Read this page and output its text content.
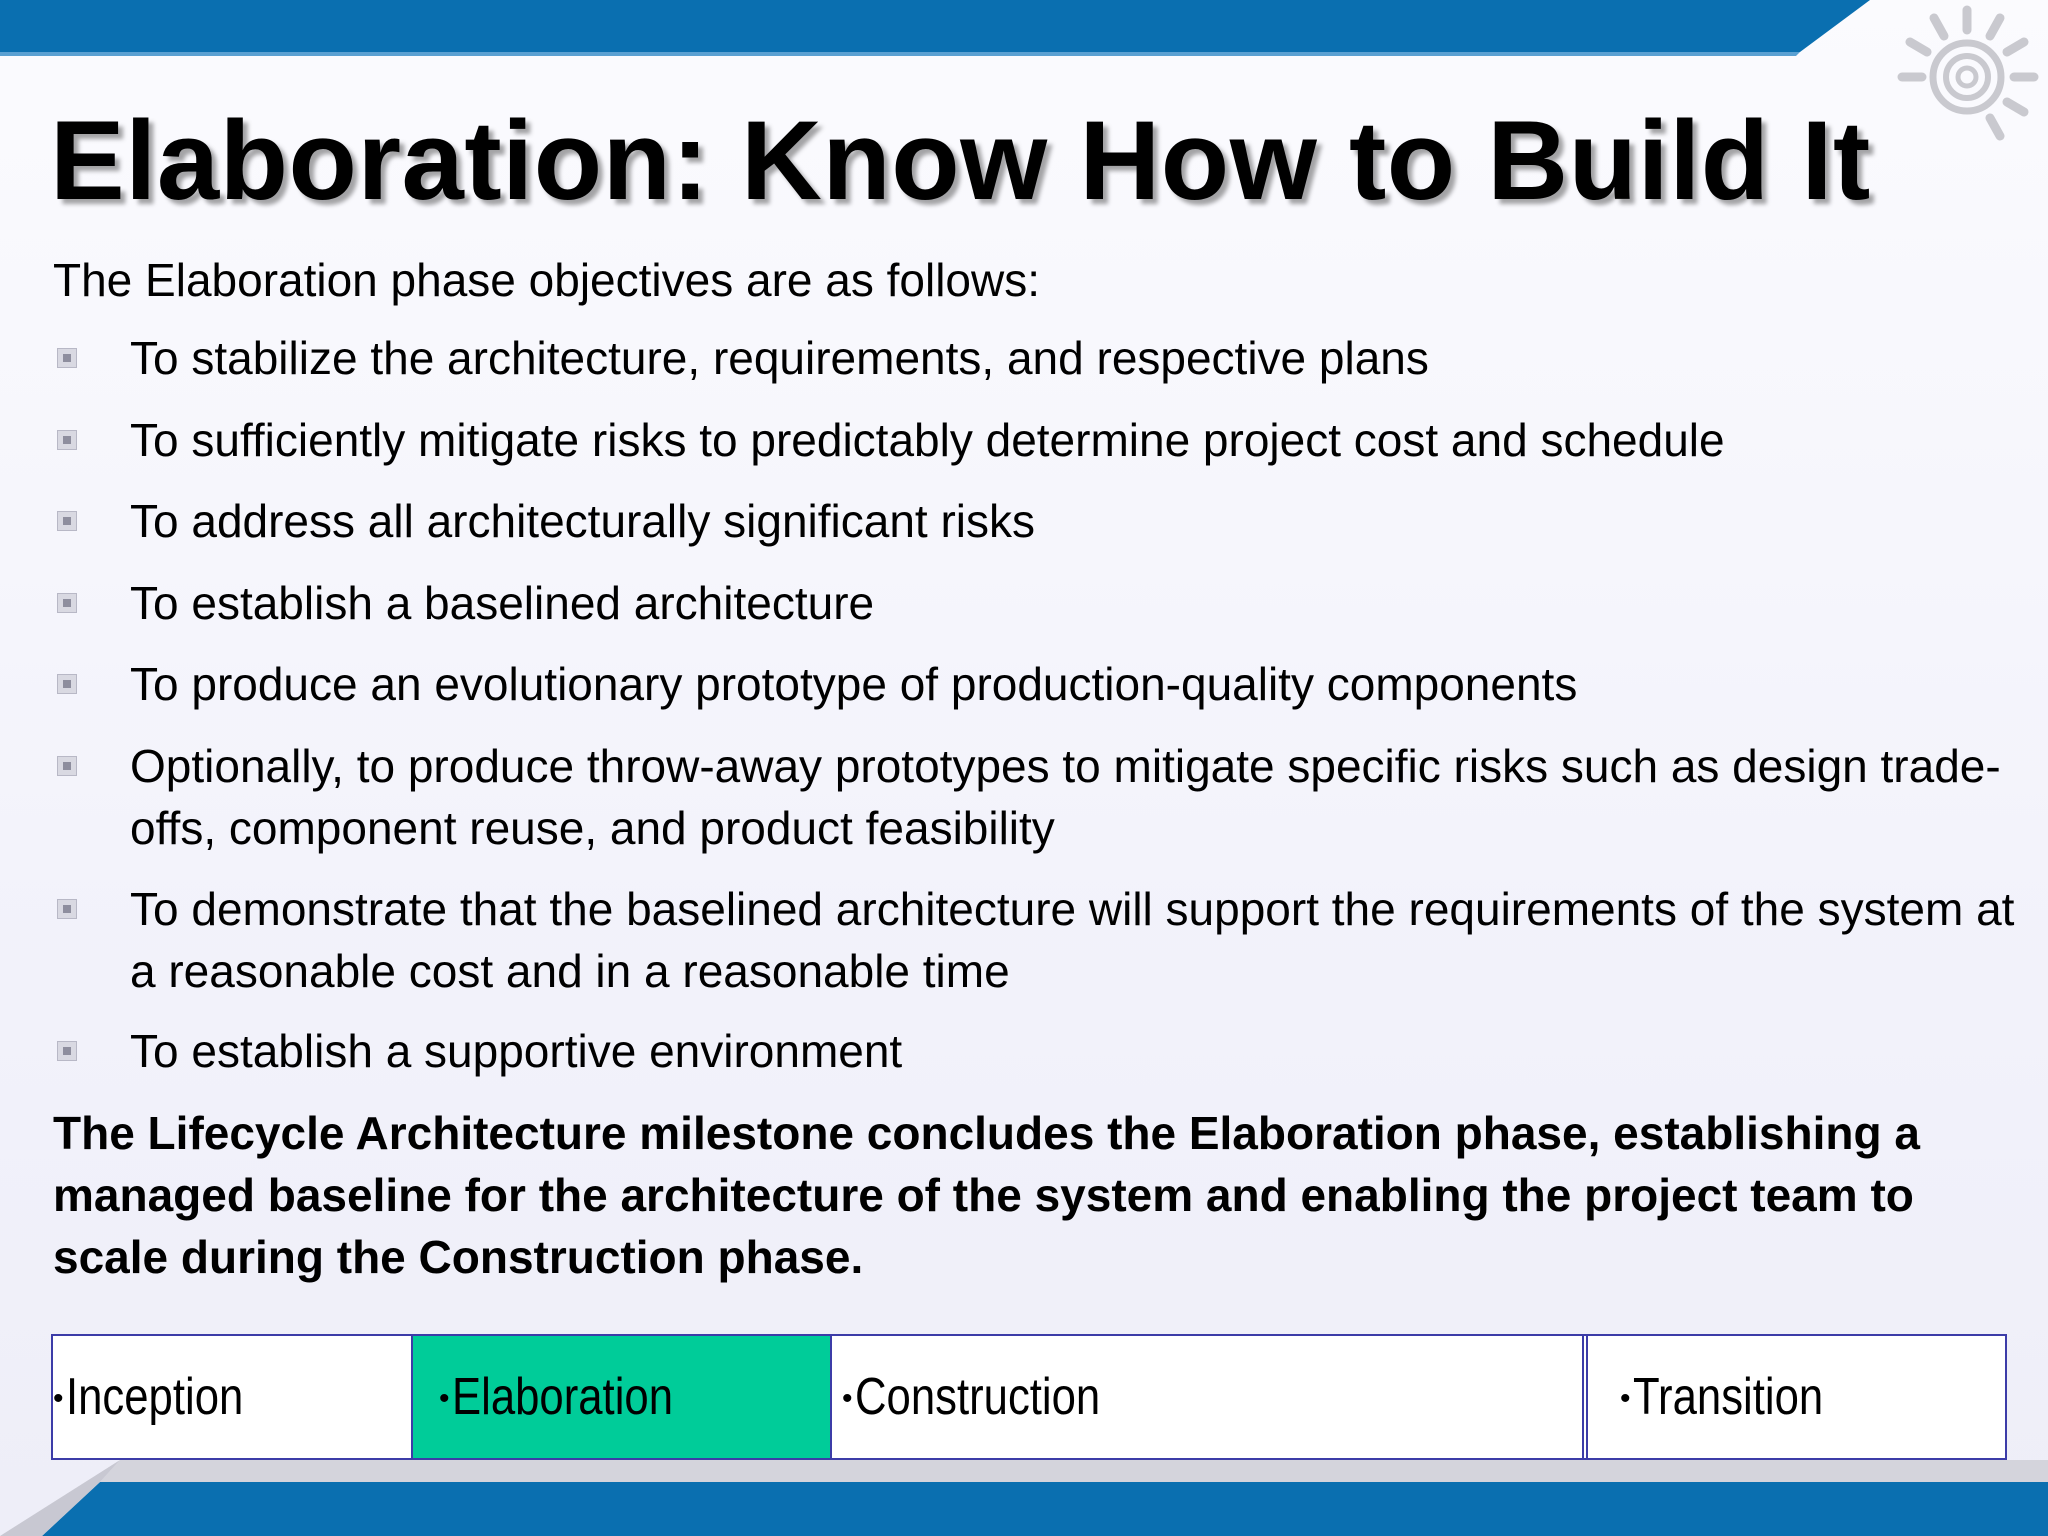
Elaboration: Know How to Build It
The Elaboration phase objectives are as follows:
To stabilize the architecture, requirements, and respective plans
To sufficiently mitigate risks to predictably determine project cost and schedule
To address all architecturally significant risks
To establish a baselined architecture
To produce an evolutionary prototype of production-quality components
Optionally, to produce throw-away prototypes to mitigate specific risks such as design trade-offs, component reuse, and product feasibility
To demonstrate that the baselined architecture will support the requirements of the system at a reasonable cost and in a reasonable time
To establish a supportive environment
The Lifecycle Architecture milestone concludes the Elaboration phase, establishing a managed baseline for the architecture of the system and enabling the project team to scale during the Construction phase.
• Inception	• Elaboration	• Construction	• Transition
